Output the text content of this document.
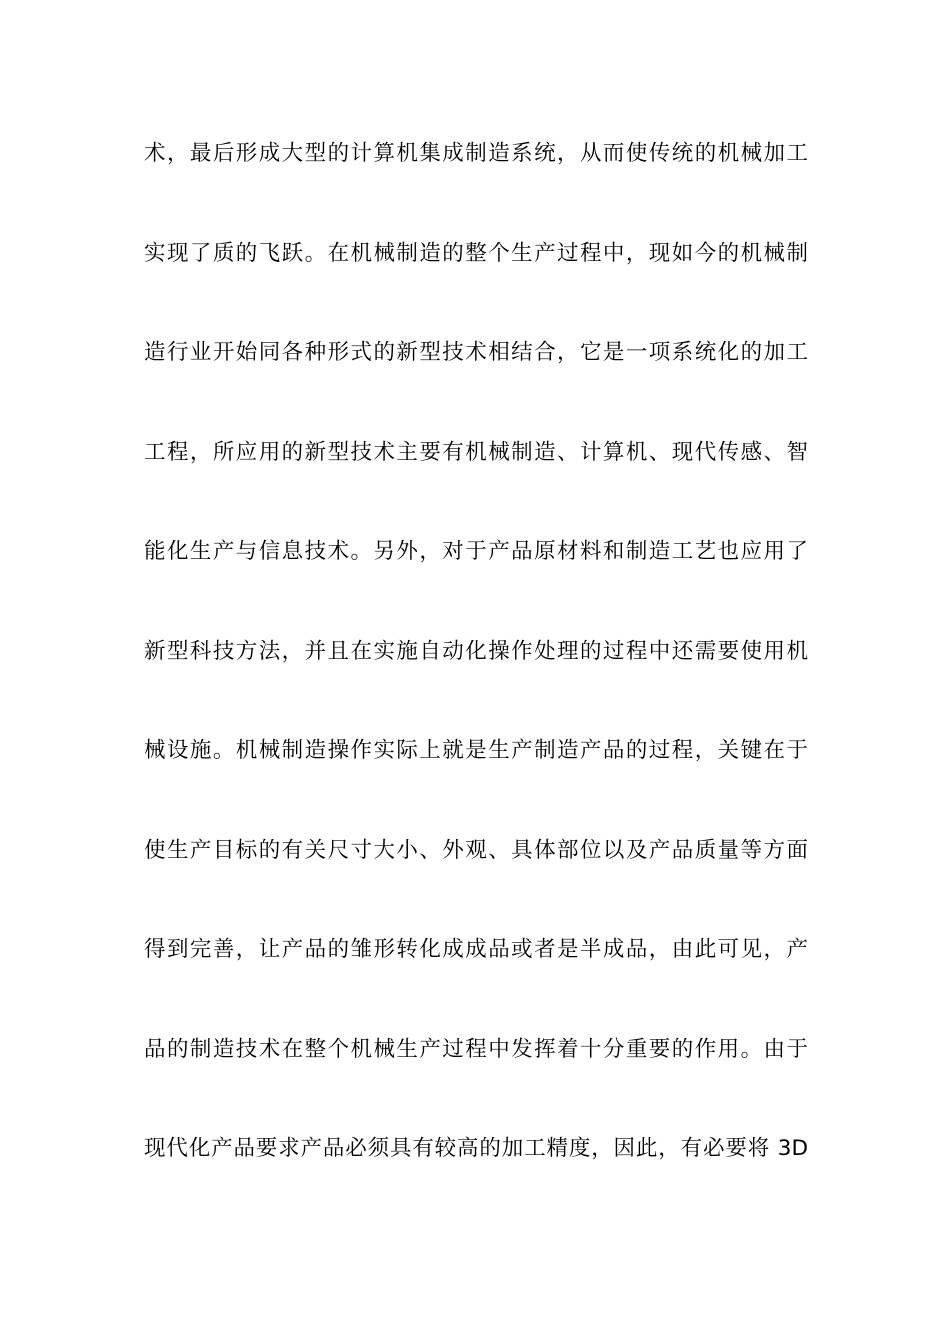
术，最后形成大型的计算机集成制造系统，从而使传统的机械加工
实现了质的飞跃。在机械制造的整个生产过程中，现如今的机械制
造行业开始同各种形式的新型技术相结合，它是一项系统化的加工
工程，所应用的新型技术主要有机械制造、计算机、现代传感、智
能化生产与信息技术。另外，对于产品原材料和制造工艺也应用了
新型科技方法，并且在实施自动化操作处理的过程中还需要使用机
械设施。机械制造操作实际上就是生产制造产品的过程，关键在于
使生产目标的有关尺寸大小、外观、具体部位以及产品质量等方面
得到完善，让产品的雏形转化成成品或者是半成品，由此可见，产
品的制造技术在整个机械生产过程中发挥着十分重要的作用。由于
现代化产品要求产品必须具有较高的加工精度，因此，有必要将 3D
